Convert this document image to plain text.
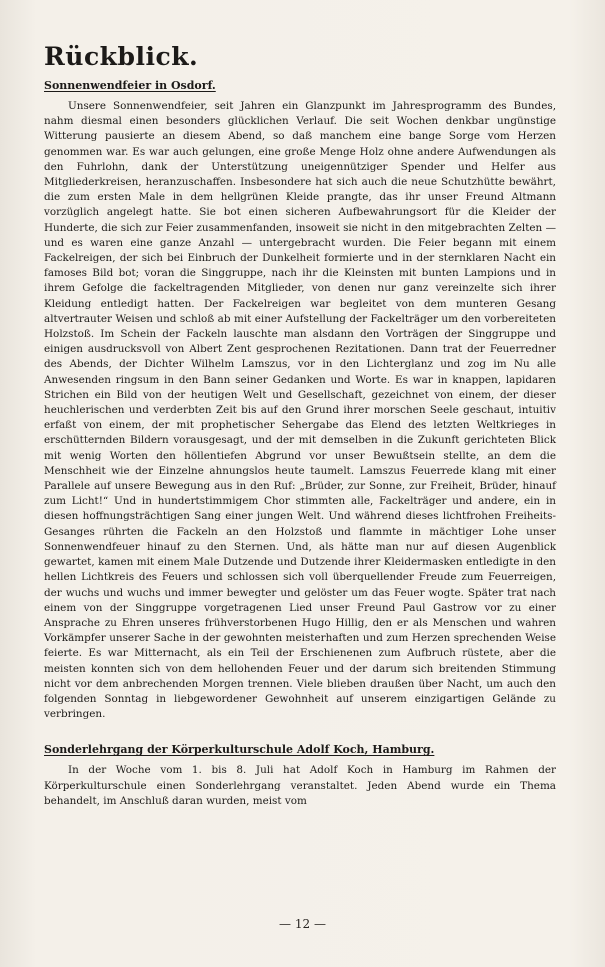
Rückblick.
Sonnenwendfeier in Osdorf.

Unsere Sonnenwendfeier, seit Jahren ein Glanzpunkt im Jahresprogramm des Bundes, nahm diesmal einen besonders glücklichen Verlauf. Die seit Wochen denkbar ungünstige Witterung pausierte an diesem Abend, so daß manchem eine bange Sorge vom Herzen genommen war. Es war auch gelungen, eine große Menge Holz ohne andere Aufwendungen als den Fuhrlohn, dank der Unterstützung uneigennütziger Spender und Helfer aus Mitgliederkreisen, heranzuschaffen. Insbesondere hat sich auch die neue Schutzhütte bewährt, die zum ersten Male in dem hellgrünen Kleide prangte, das ihr unser Freund Altmann vorzüglich angelegt hatte. Sie bot einen sicheren Aufbewahrungsort für die Kleider der Hunderte, die sich zur Feier zusammenfanden, insoweit sie nicht in den mitgebrachten Zelten — und es waren eine ganze Anzahl — untergebracht wurden. Die Feier begann mit einem Fackelreigen, der sich bei Einbruch der Dunkelheit formierte und in der sternklaren Nacht ein famoses Bild bot; voran die Singgruppe, nach ihr die Kleinsten mit bunten Lampions und in ihrem Gefolge die fackeltragenden Mitglieder, von denen nur ganz vereinzelte sich ihrer Kleidung entledigt hatten. Der Fackelreigen war begleitet von dem munteren Gesang altvertrauter Weisen und schloß ab mit einer Aufstellung der Fackelträger um den vorbereiteten Holzstoß. Im Schein der Fackeln lauschte man alsdann den Vorträgen der Singgruppe und einigen ausdrucksvoll von Albert Zent gesprochenen Rezitationen. Dann trat der Feuerredner des Abends, der Dichter Wilhelm Lamszus, vor in den Lichterglanz und zog im Nu alle Anwesenden ringsum in den Bann seiner Gedanken und Worte. Es war in knappen, lapidaren Strichen ein Bild von der heutigen Welt und Gesellschaft, gezeichnet von einem, der dieser heuchlerischen und verderbten Zeit bis auf den Grund ihrer morschen Seele geschaut, intuitiv erfaßt von einem, der mit prophetischer Sehergabe das Elend des letzten Weltkrieges in erschütternden Bildern vorausgesagt, und der mit demselben in die Zukunft gerichteten Blick mit wenig Worten den höllentiefen Abgrund vor unser Bewußtsein stellte, an dem die Menschheit wie der Einzelne ahnungslos heute taumelt. Lamszus Feuerrede klang mit einer Parallele auf unsere Bewegung aus in den Ruf: „Brüder, zur Sonne, zur Freiheit, Brüder, hinauf zum Licht!“ Und in hundertstimmigem Chor stimmten alle, Fackelträger und andere, ein in diesen hoffnungsträchtigen Sang einer jungen Welt. Und während dieses lichtfrohen Freiheits-Gesanges rührten die Fackeln an den Holzstoß und flammte in mächtiger Lohe unser Sonnenwendfeuer hinauf zu den Sternen. Und, als hätte man nur auf diesen Augenblick gewartet, kamen mit einem Male Dutzende und Dutzende ihrer Kleidermasken entledigte in den hellen Lichtkreis des Feuers und schlossen sich voll überquellender Freude zum Feuerreigen, der wuchs und wuchs und immer bewegter und gelöster um das Feuer wogte. Später trat nach einem von der Singgruppe vorgetragenen Lied unser Freund Paul Gastrow vor zu einer Ansprache zu Ehren unseres frühverstorbenen Hugo Hillig, den er als Menschen und wahren Vorkämpfer unserer Sache in der gewohnten meisterhaften und zum Herzen sprechenden Weise feierte. Es war Mitternacht, als ein Teil der Erschienenen zum Aufbruch rüstete, aber die meisten konnten sich von dem hellohenden Feuer und der darum sich breitenden Stimmung nicht vor dem anbrechenden Morgen trennen. Viele blieben draußen über Nacht, um auch den folgenden Sonntag in liebgewordener Gewohnheit auf unserem einzigartigen Gelände zu verbringen.

Sonderlehrgang der Körperkulturschule Adolf Koch, Hamburg.

In der Woche vom 1. bis 8. Juli hat Adolf Koch in Hamburg im Rahmen der Körperkulturschule einen Sonderlehrgang veranstaltet. Jeden Abend wurde ein Thema behandelt, im Anschluß daran wurden, meist vom

— 12 —
